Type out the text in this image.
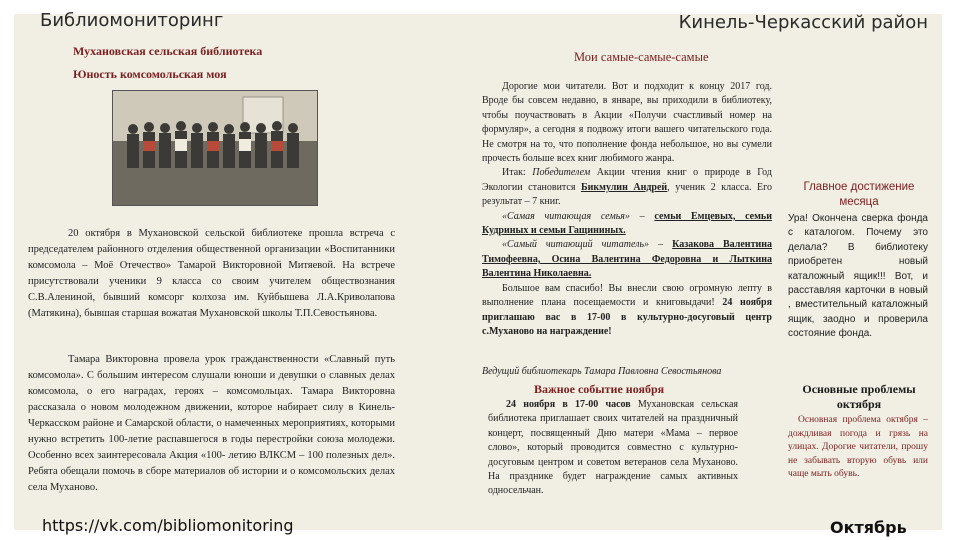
Библиомониторинг	Кинель-Черкасский район
Мухановская сельская библиотека
Юность комсомольская моя

20 октября в Мухановской сельской библиотеке прошла встреча с председателем районного отделения общественной организации «Воспитанники комсомола – Моё Отечество» Тамарой Викторовной Митяевой. На встрече присутствовали ученики 9 класса со своим учителем обществознания С.В.Алениной, бывший комсорг колхоза им. Куйбышева Л.А.Криволапова (Матякина), бывшая старшая вожатая Мухановской школы Т.П.Севостьянова.

Тамара Викторовна провела урок гражданственности «Славный путь комсомола». С большим интересом слушали юноши и девушки о славных делах комсомола, о его наградах, героях – комсомольцах. Тамара Викторовна рассказала о новом молодежном движении, которое набирает силу в Кинель-Черкасском районе и Самарской области, о намеченных мероприятиях, которыми нужно встретить 100-летие распавшегося в годы перестройки союза молодежи. Особенно всех заинтересовала Акция «100- летию ВЛКСМ – 100 полезных дел». Ребята обещали помочь в сборе материалов об истории и о комсомольских делах села Муханово.

https://vk.com/bibliomonitoring
Мои самые-самые-самые

Дорогие мои читатели. Вот и подходит к концу 2017 год. Вроде бы совсем недавно, в январе, вы приходили в библиотеку, чтобы поучаствовать в Акции «Получи счастливый номер на формуляр», а сегодня я подвожу итоги вашего читательского года. Не смотря на то, что пополнение фонда небольшое, но вы сумели прочесть больше всех книг любимого жанра.

Итак: Победителем Акции чтения книг о природе в Год Экологии становится Бикмулин Андрей, ученик 2 класса. Его результат – 7 книг.

«Самая читающая семья» – семьи Емцевых, семьи Кудриных и семьи Гащининых.

«Самый читающий читатель» – Казакова Валентина Тимофеевна, Осина Валентина Федоровна и Лыткина Валентина Николаевна.

Большое вам спасибо! Вы внесли свою огромную лепту в выполнение плана посещаемости и книговыдачи! 24 ноября приглашаю вас в 17-00 в культурно-досуговый центр с.Муханово на награждение!

Ведущий библиотекарь Тамара Павловна Севостьянова
Важное событие ноября

24 ноября в 17-00 часов Мухановская сельская библиотека приглашает своих читателей на праздничный концерт, посвященный Дню матери «Мама – первое слово», который проводится совместно с культурно-досуговым центром и советом ветеранов села Муханово. На празднике будет награждение самых активных односельчан.

Главное достижение месяца
Ура! Окончена сверка фонда с каталогом. Почему это делала? В библиотеку приобретен новый каталожный ящик!!! Вот, и расставляя карточки в новый , вместительный каталожный ящик, заодно и проверила состояние фонда.
Основные проблемы октября

Основная проблема октября – дождливая погода и грязь на улицах. Дорогие читатели, прошу не забывать вторую обувь или чаще мыть обувь.

Октябрь
